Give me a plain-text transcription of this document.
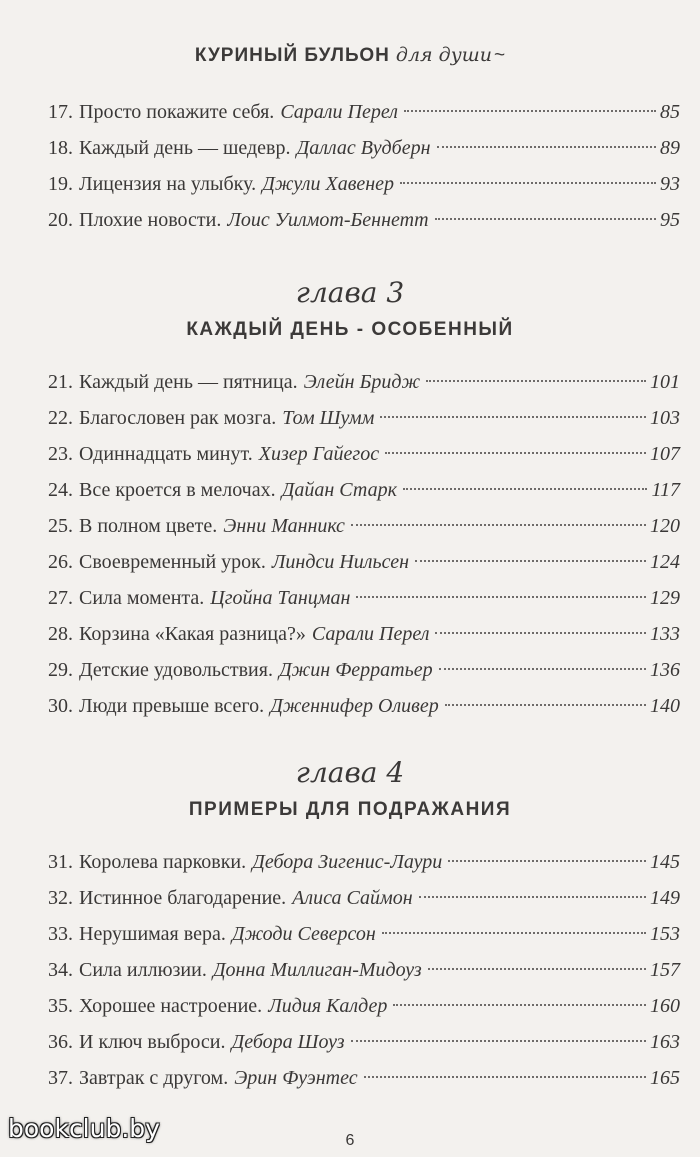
КУРИНЫЙ БУЛЬОН для души ~
17. Просто покажите себя. Сарали Перел	85
18. Каждый день — шедевр. Даллас Вудберн	89
19. Лицензия на улыбку. Джули Хавенер	93
20. Плохие новости. Лоис Уилмот-Беннетт	95
глава 3
КАЖДЫЙ ДЕНЬ - ОСОБЕННЫЙ
21. Каждый день — пятница. Элейн Бридж	101
22. Благословен рак мозга. Том Шумм	103
23. Одиннадцать минут. Хизер Гайегос	107
24. Все кроется в мелочах. Дайан Старк	117
25. В полном цвете. Энни Манникс	120
26. Своевременный урок. Линдси Нильсен	124
27. Сила момента. Цгойна Танцман	129
28. Корзина «Какая разница?» Сарали Перел	133
29. Детские удовольствия. Джин Ферратьер	136
30. Люди превыше всего. Дженнифер Оливер	140
глава 4
ПРИМЕРЫ ДЛЯ ПОДРАЖАНИЯ
31. Королева парковки. Дебора Зигенис-Лаури	145
32. Истинное благодарение. Алиса Саймон	149
33. Нерушимая вера. Джоди Северсон	153
34. Сила иллюзии. Донна Миллиган-Мидоуз	157
35. Хорошее настроение. Лидия Калдер	160
36. И ключ выброси. Дебора Шоуз	163
37. Завтрак с другом. Эрин Фуэнтес	165
bookclub.by	6
